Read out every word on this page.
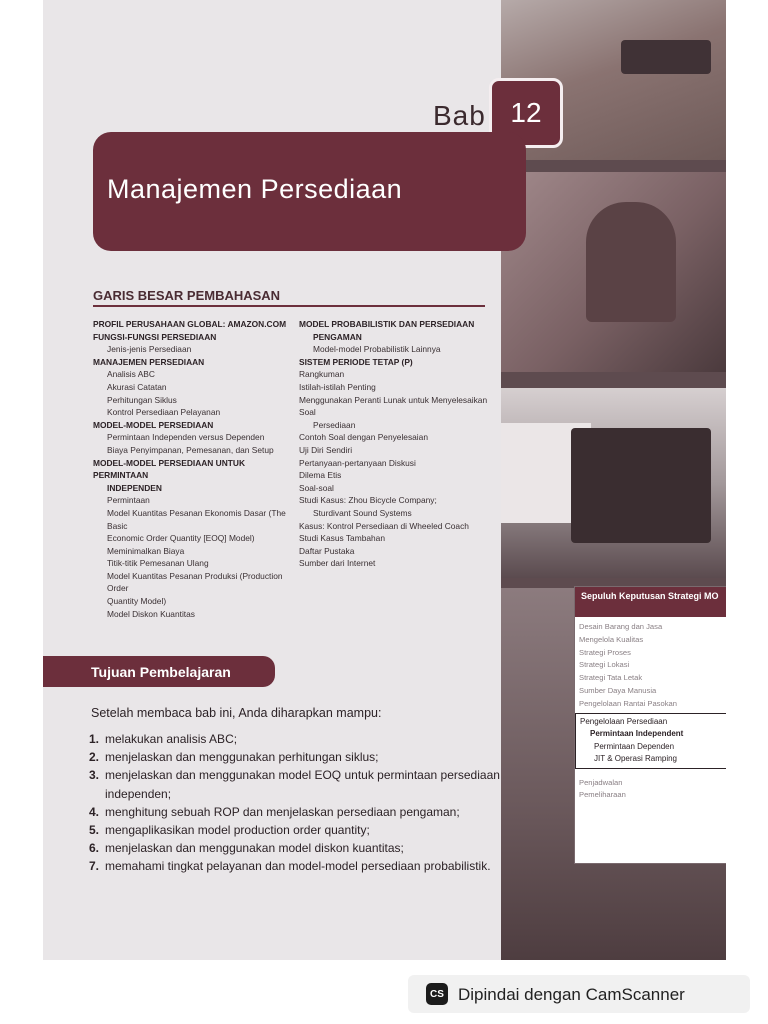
Bab 12
Manajemen Persediaan
GARIS BESAR PEMBAHASAN
PROFIL PERUSAHAAN GLOBAL: AMAZON.COM
FUNGSI-FUNGSI PERSEDIAAN
Jenis-jenis Persediaan
MANAJEMEN PERSEDIAAN
Analisis ABC
Akurasi Catatan
Perhitungan Siklus
Kontrol Persediaan Pelayanan
MODEL-MODEL PERSEDIAAN
Permintaan Independen versus Dependen
Biaya Penyimpanan, Pemesanan, dan Setup
MODEL-MODEL PERSEDIAAN UNTUK PERMINTAAN
INDEPENDEN
Permintaan
Model Kuantitas Pesanan Ekonomis Dasar (The Basic
Economic Order Quantity [EOQ] Model)
Meminimalkan Biaya
Titik-titik Pemesanan Ulang
Model Kuantitas Pesanan Produksi (Production Order
Quantity Model)
Model Diskon Kuantitas
MODEL PROBABILISTIK DAN PERSEDIAAN
PENGAMAN
Model-model Probabilistik Lainnya
SISTEM PERIODE TETAP (P)
Rangkuman
Istilah-istilah Penting
Menggunakan Peranti Lunak untuk Menyelesaikan Soal
Persediaan
Contoh Soal dengan Penyelesaian
Uji Diri Sendiri
Pertanyaan-pertanyaan Diskusi
Dilema Etis
Soal-soal
Studi Kasus: Zhou Bicycle Company;
Sturdivant Sound Systems
Kasus: Kontrol Persediaan di Wheeled Coach
Studi Kasus Tambahan
Daftar Pustaka
Sumber dari Internet
Tujuan Pembelajaran
Setelah membaca bab ini, Anda diharapkan mampu:
1. melakukan analisis ABC;
2. menjelaskan dan menggunakan perhitungan siklus;
3. menjelaskan dan menggunakan model EOQ untuk permintaan persediaan independen;
4. menghitung sebuah ROP dan menjelaskan persediaan pengaman;
5. mengaplikasikan model production order quantity;
6. menjelaskan dan menggunakan model diskon kuantitas;
7. memahami tingkat pelayanan dan model-model persediaan probabilistik.
Sepuluh Keputusan Strategi MO
Desain Barang dan Jasa
Mengelola Kualitas
Strategi Proses
Strategi Lokasi
Strategi Tata Letak
Sumber Daya Manusia
Pengelolaan Rantai Pasokan
Pengelolaan Persediaan
Permintaan Independent
Permintaan Dependen
JIT & Operasi Ramping
Penjadwalan
Pemeliharaan
CS Dipindai dengan CamScanner
